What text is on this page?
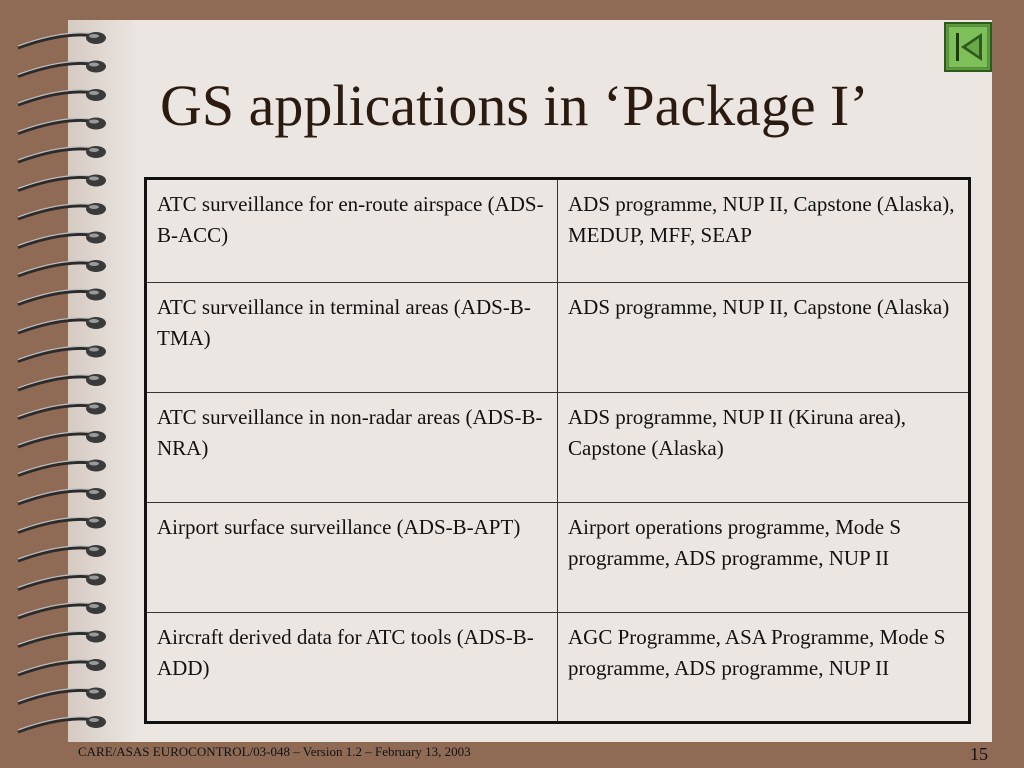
GS applications in ‘Package I’
ATC surveillance for en-route airspace (ADS-B-ACC)	ADS programme, NUP II, Capstone (Alaska), MEDUP, MFF, SEAP
ATC surveillance in terminal areas (ADS-B-TMA)	ADS programme, NUP II, Capstone (Alaska)
ATC surveillance in non-radar areas (ADS-B-NRA)	ADS programme, NUP II (Kiruna area), Capstone (Alaska)
Airport surface surveillance (ADS-B-APT)	Airport operations programme, Mode S programme, ADS programme, NUP II
Aircraft derived data for ATC tools (ADS-B-ADD)	AGC Programme, ASA Programme, Mode S programme, ADS programme, NUP II
CARE/ASAS EUROCONTROL/03-048 – Version 1.2 – February 13, 2003	15
